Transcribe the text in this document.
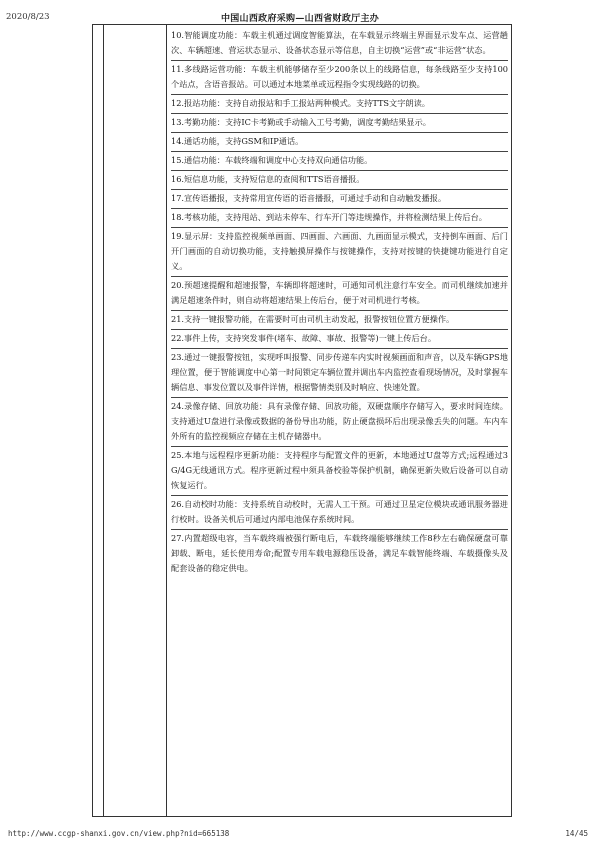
2020/8/23	中国山西政府采购—山西省财政厅主办
10.智能调度功能：车载主机通过调度智能算法，在车载显示终端主界面显示发车点、运营趟次、车辆超速、营运状态显示、设备状态显示等信息，自主切换“运营”或“非运营”状态。
11.多线路运营功能：车载主机能够储存至少200条以上的线路信息，每条线路至少支持100个站点，含语音报站。可以通过本地菜单或远程指令实现线路的切换。
12.报站功能：支持自动报站和手工报站两种模式。支持TTS文字朗读。
13.考勤功能：支持IC卡考勤或手动输入工号考勤，调度考勤结果显示。
14.通话功能，支持GSM和IP通话。
15.通信功能：车载终端和调度中心支持双向通信功能。
16.短信息功能，支持短信息的查阅和TTS语音播报。
17.宣传语播报，支持常用宣传语的语音播报，可通过手动和自动触发播报。
18.考核功能，支持甩站、到站未停车、行车开门等违规操作，并将检测结果上传后台。
19.显示屏：支持监控视频单画面、四画面、六画面、九画面显示模式，支持倒车画面、后门开门画面的自动切换功能，支持触摸屏操作与按键操作，支持对按键的快捷键功能进行自定义。
20.预超速提醒和超速报警，车辆即将超速时，可通知司机注意行车安全。而司机继续加速并满足超速条件时，则自动将超速结果上传后台，便于对司机进行考核。
21.支持一键报警功能，在需要时可由司机主动发起，报警按钮位置方便操作。
22.事件上传，支持突发事件(堵车、故障、事故、报警等)一键上传后台。
23.通过一键报警按钮，实现呼叫报警、同步传递车内实时视频画面和声音，以及车辆GPS地理位置，便于智能调度中心第一时间锁定车辆位置并调出车内监控查看现场情况，及时掌握车辆信息、事发位置以及事件详情，根据警情类别及时响应、快速处置。
24.录像存储、回放功能：具有录像存储、回放功能，双硬盘顺序存储写入，要求时间连续。支持通过U盘进行录像或数据的备份导出功能，防止硬盘损坏后出现录像丢失的问题。车内车外所有的监控视频应存储在主机存储器中。
25.本地与远程程序更新功能：支持程序与配置文件的更新，本地通过U盘等方式;远程通过3G/4G无线通讯方式。程序更新过程中须具备校验等保护机制，确保更新失败后设备可以自动恢复运行。
26.自动校时功能：支持系统自动校时，无需人工干预。可通过卫星定位模块或通讯服务器进行校时。设备关机后可通过内部电池保存系统时间。
27.内置超级电容，当车载终端被强行断电后，车载终端能够继续工作8秒左右确保硬盘可靠卸载、断电，延长使用寿命;配置专用车载电源稳压设备，满足车载智能终端、车载摄像头及配套设备的稳定供电。
http://www.ccgp-shanxi.gov.cn/view.php?nid=665138	14/45
